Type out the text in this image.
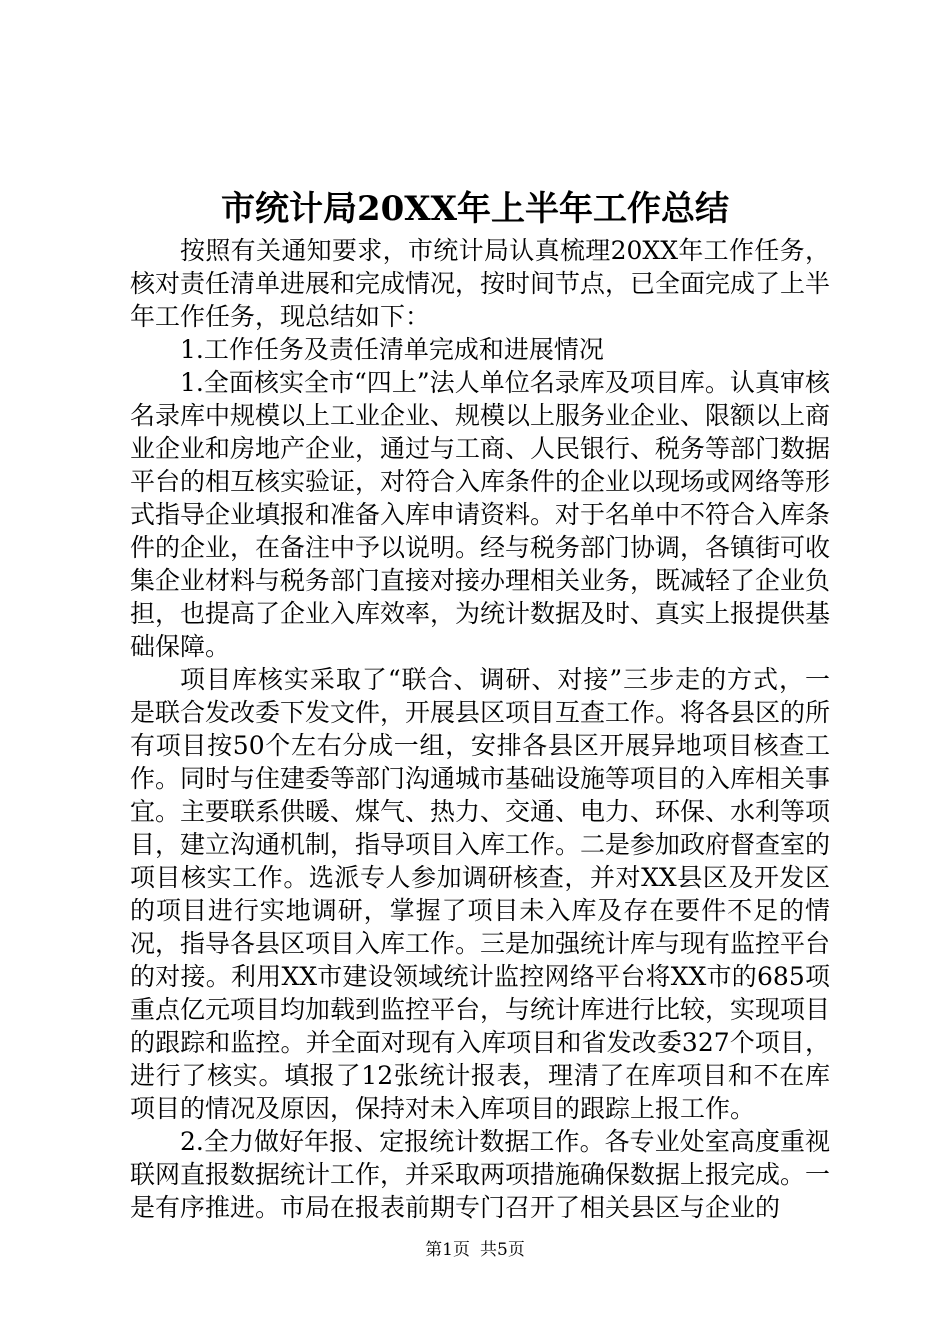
市统计局20XX年上半年工作总结

按照有关通知要求，市统计局认真梳理20XX年工作任务，核对责任清单进展和完成情况，按时间节点，已全面完成了上半年工作任务，现总结如下：

1.工作任务及责任清单完成和进展情况

1.全面核实全市“四上”法人单位名录库及项目库。认真审核名录库中规模以上工业企业、规模以上服务业企业、限额以上商业企业和房地产企业，通过与工商、人民银行、税务等部门数据平台的相互核实验证，对符合入库条件的企业以现场或网络等形式指导企业填报和准备入库申请资料。对于名单中不符合入库条件的企业，在备注中予以说明。经与税务部门协调，各镇街可收集企业材料与税务部门直接对接办理相关业务，既减轻了企业负担，也提高了企业入库效率，为统计数据及时、真实上报提供基础保障。

项目库核实采取了“联合、调研、对接”三步走的方式，一是联合发改委下发文件，开展县区项目互查工作。将各县区的所有项目按50个左右分成一组，安排各县区开展异地项目核查工作。同时与住建委等部门沟通城市基础设施等项目的入库相关事宜。主要联系供暖、煤气、热力、交通、电力、环保、水利等项目，建立沟通机制，指导项目入库工作。二是参加政府督查室的项目核实工作。选派专人参加调研核查，并对XX县区及开发区的项目进行实地调研，掌握了项目未入库及存在要件不足的情况，指导各县区项目入库工作。三是加强统计库与现有监控平台的对接。利用XX市建设领域统计监控网络平台将XX市的685项重点亿元项目均加载到监控平台，与统计库进行比较，实现项目的跟踪和监控。并全面对现有入库项目和省发改委327个项目，进行了核实。填报了12张统计报表，理清了在库项目和不在库项目的情况及原因，保持对未入库项目的跟踪上报工作。

2.全力做好年报、定报统计数据工作。各专业处室高度重视联网直报数据统计工作，并采取两项措施确保数据上报完成。一是有序推进。市局在报表前期专门召开了相关县区与企业的

第1页 共5页
